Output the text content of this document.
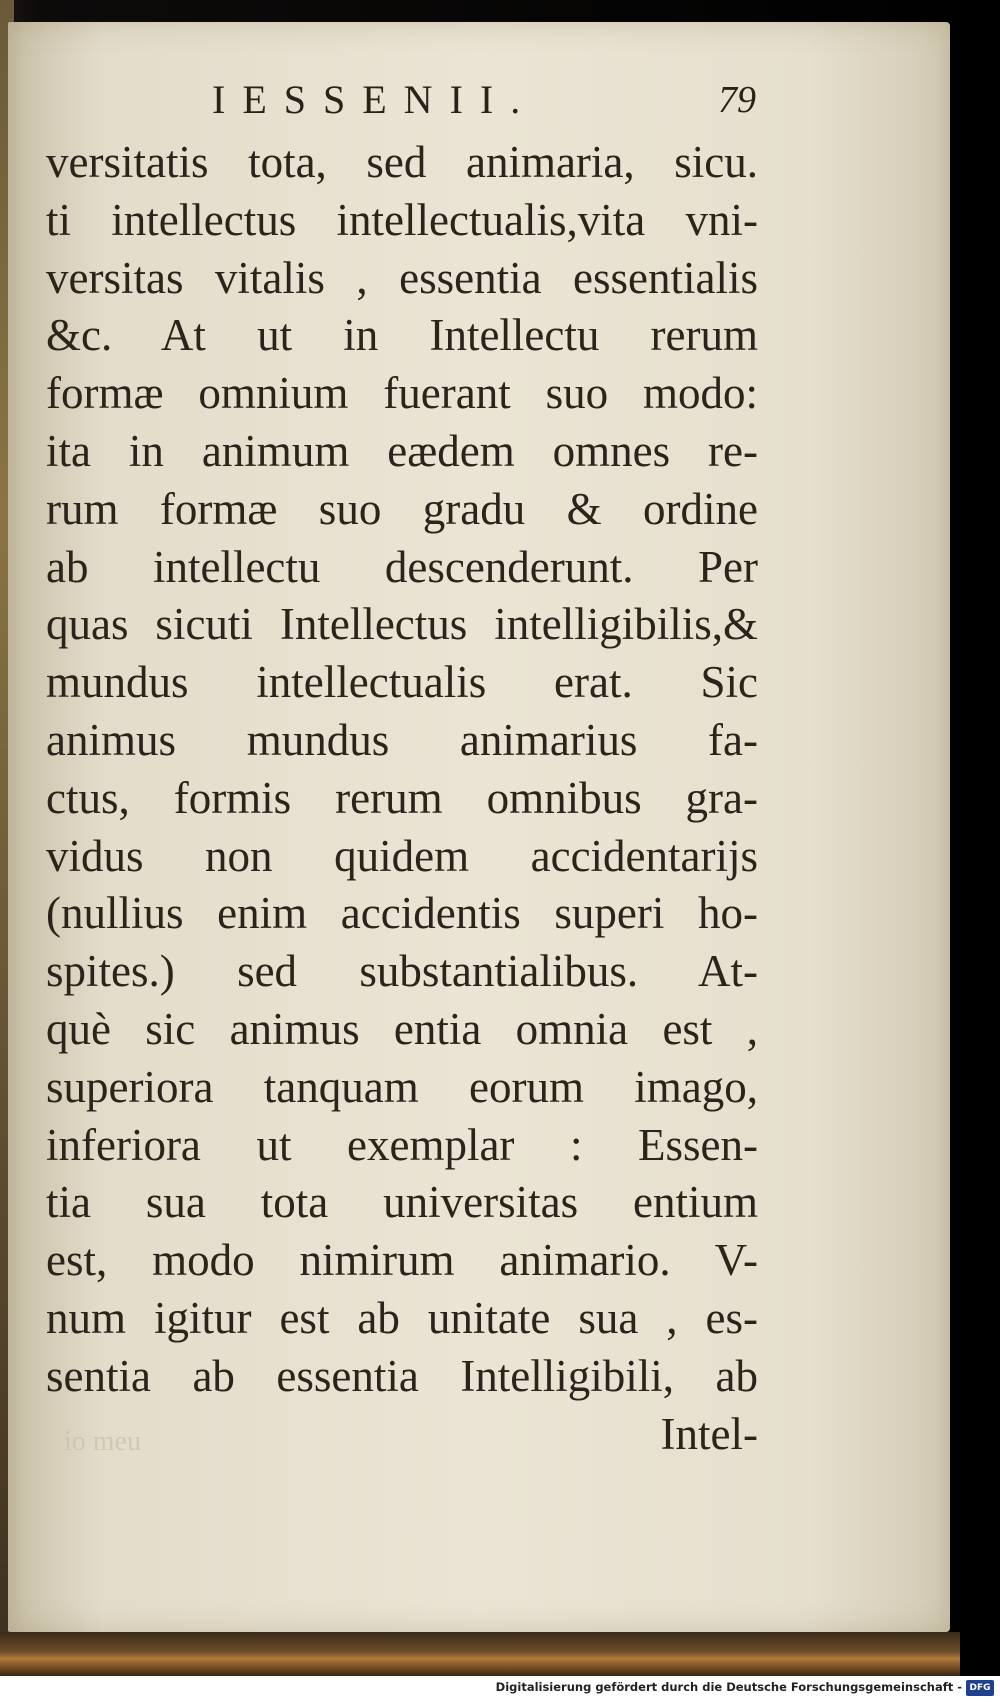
IESSENII.	79
versitatis tota, sed animaria, sicu.
ti intellectus intellectualis,vita vni-
versitas vitalis , essentia essentialis
&c. At ut in Intellectu rerum
formæ omnium fuerant suo modo:
ita in animum eædem omnes re-
rum formæ suo gradu & ordine
ab intellectu descenderunt. Per
quas sicuti Intellectus intelligibilis,&
mundus intellectualis erat. Sic
animus mundus animarius fa-
ctus, formis rerum omnibus gra-
vidus non quidem accidentarijs
(nullius enim accidentis superi ho-
spites.) sed substantialibus. At-
què sic animus entia omnia est ,
superiora tanquam eorum imago,
inferiora ut exemplar : Essen-
tia sua tota universitas entium
est, modo nimirum animario. V-
num igitur est ab unitate sua , es-
sentia ab essentia Intelligibili, ab
Intel-
io meu
Digitalisierung gefördert durch die Deutsche Forschungsgemeinschaft - DFG
